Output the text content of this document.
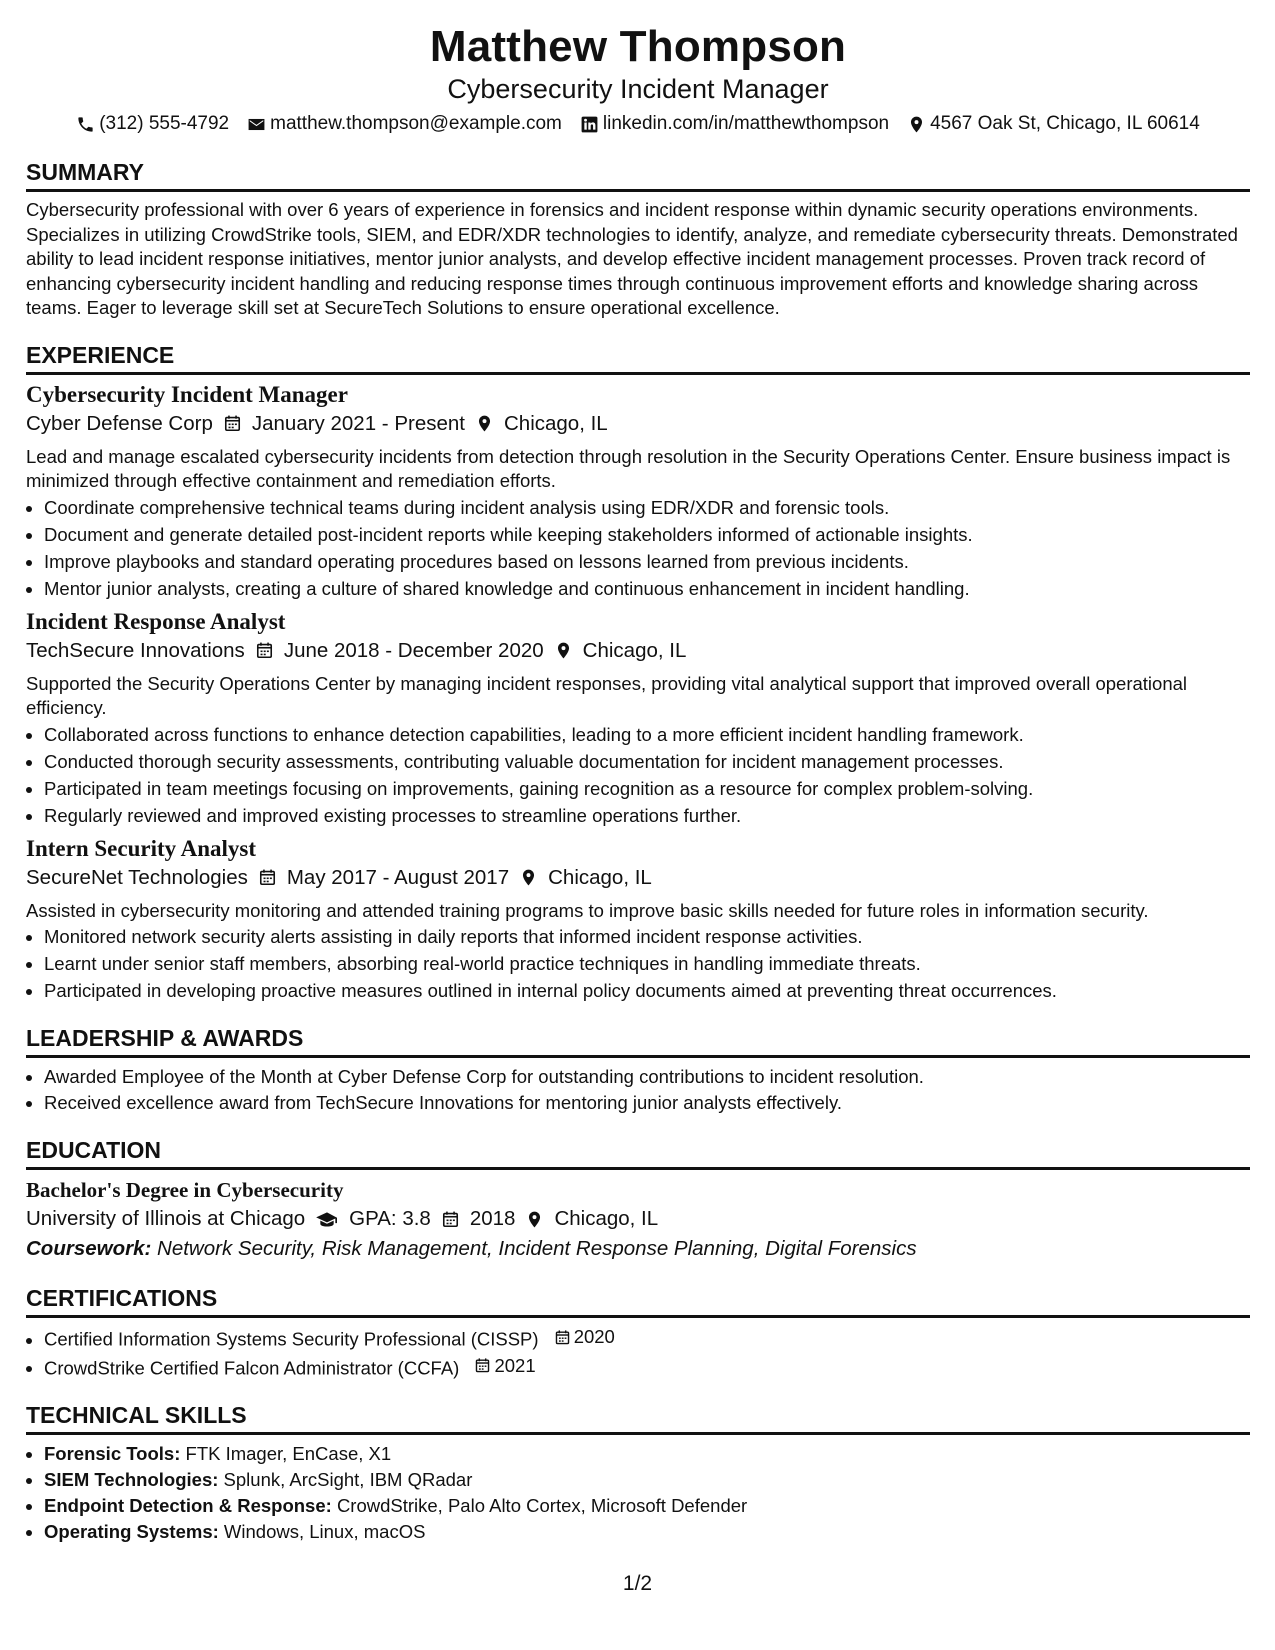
Matthew Thompson

Cybersecurity Incident Manager

(312) 555-4792 matthew.thompson@example.com linkedin.com/in/matthewthompson 4567 Oak St, Chicago, IL 60614
SUMMARY

Cybersecurity professional with over 6 years of experience in forensics and incident response within dynamic security operations environments. Specializes in utilizing CrowdStrike tools, SIEM, and EDR/XDR technologies to identify, analyze, and remediate cybersecurity threats. Demonstrated ability to lead incident response initiatives, mentor junior analysts, and develop effective incident management processes. Proven track record of enhancing cybersecurity incident handling and reducing response times through continuous improvement efforts and knowledge sharing across teams. Eager to leverage skill set at SecureTech Solutions to ensure operational excellence.

EXPERIENCE

Cybersecurity Incident Manager

Cyber Defense Corp January 2021 - Present Chicago, IL

Lead and manage escalated cybersecurity incidents from detection through resolution in the Security Operations Center. Ensure business impact is minimized through effective containment and remediation efforts.

• Coordinate comprehensive technical teams during incident analysis using EDR/XDR and forensic tools.
• Document and generate detailed post-incident reports while keeping stakeholders informed of actionable insights.
• Improve playbooks and standard operating procedures based on lessons learned from previous incidents.
• Mentor junior analysts, creating a culture of shared knowledge and continuous enhancement in incident handling.

Incident Response Analyst

TechSecure Innovations June 2018 - December 2020 Chicago, IL

Supported the Security Operations Center by managing incident responses, providing vital analytical support that improved overall operational efficiency.

• Collaborated across functions to enhance detection capabilities, leading to a more efficient incident handling framework.
• Conducted thorough security assessments, contributing valuable documentation for incident management processes.
• Participated in team meetings focusing on improvements, gaining recognition as a resource for complex problem-solving.
• Regularly reviewed and improved existing processes to streamline operations further.

Intern Security Analyst

SecureNet Technologies May 2017 - August 2017 Chicago, IL

Assisted in cybersecurity monitoring and attended training programs to improve basic skills needed for future roles in information security.

• Monitored network security alerts assisting in daily reports that informed incident response activities.
• Learnt under senior staff members, absorbing real-world practice techniques in handling immediate threats.
• Participated in developing proactive measures outlined in internal policy documents aimed at preventing threat occurrences.
LEADERSHIP & AWARDS
• Awarded Employee of the Month at Cyber Defense Corp for outstanding contributions to incident resolution.
• Received excellence award from TechSecure Innovations for mentoring junior analysts effectively.
EDUCATION

Bachelor's Degree in Cybersecurity

University of Illinois at Chicago GPA: 3.8 2018 Chicago, IL
Coursework: Network Security, Risk Management, Incident Response Planning, Digital Forensics
CERTIFICATIONS
• Certified Information Systems Security Professional (CISSP) 2020
• CrowdStrike Certified Falcon Administrator (CCFA) 2021
TECHNICAL SKILLS
• Forensic Tools: FTK Imager, EnCase, X1
• SIEM Technologies: Splunk, ArcSight, IBM QRadar
• Endpoint Detection & Response: CrowdStrike, Palo Alto Cortex, Microsoft Defender
• Operating Systems: Windows, Linux, macOS
1/2
